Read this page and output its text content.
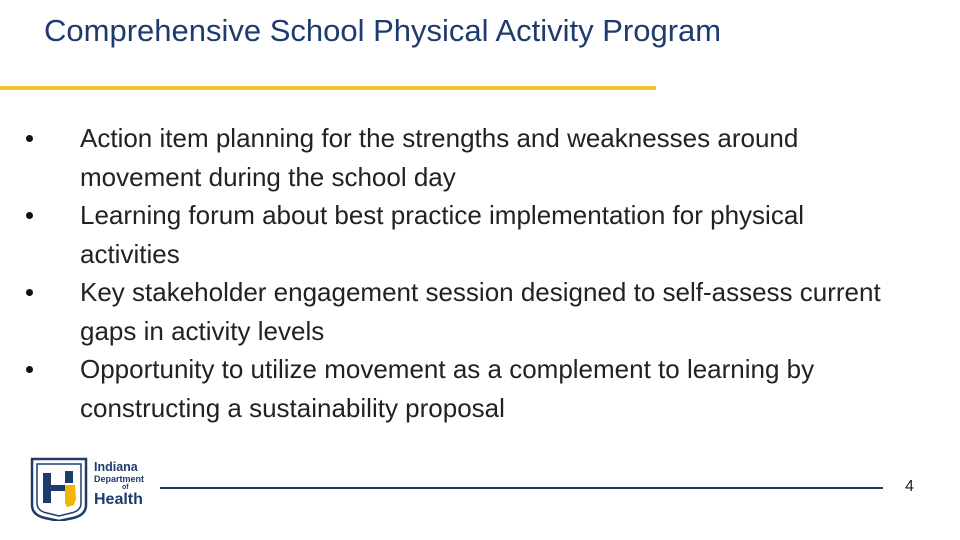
Comprehensive School Physical Activity Program
Action item planning for the strengths and weaknesses around movement during the school day
Learning forum about best practice implementation for physical activities
Key stakeholder engagement session designed to self-assess current gaps in activity levels
Opportunity to utilize movement as a complement to learning by constructing a sustainability proposal
Indiana
Department
of
Health
4
